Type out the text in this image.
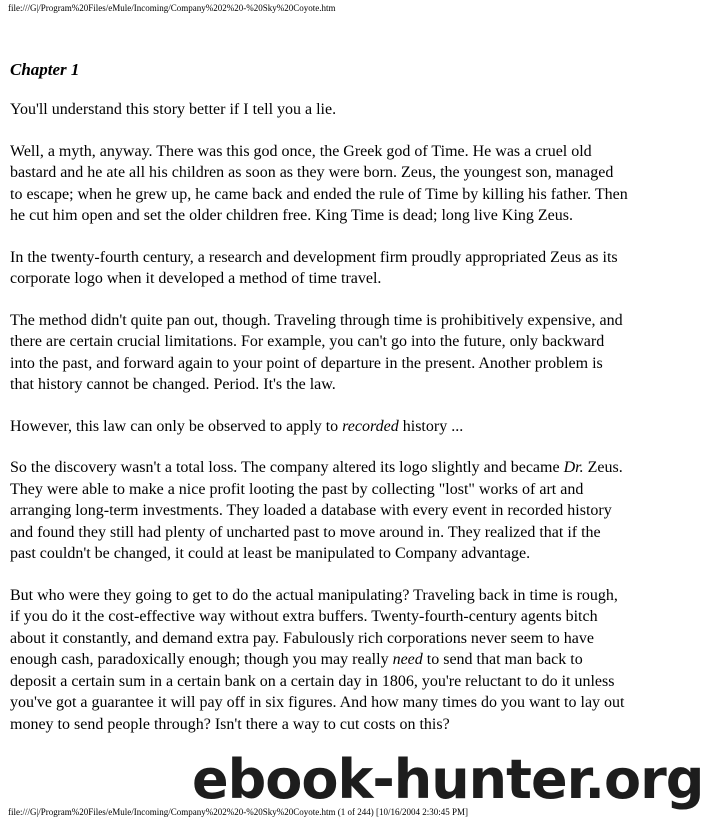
file:///G|/Program%20Files/eMule/Incoming/Company%202%20-%20Sky%20Coyote.htm
Chapter 1

You'll understand this story better if I tell you a lie.

Well, a myth, anyway. There was this god once, the Greek god of Time. He was a cruel old bastard and he ate all his children as soon as they were born. Zeus, the youngest son, managed to escape; when he grew up, he came back and ended the rule of Time by killing his father. Then he cut him open and set the older children free. King Time is dead; long live King Zeus.

In the twenty-fourth century, a research and development firm proudly appropriated Zeus as its corporate logo when it developed a method of time travel.

The method didn't quite pan out, though. Traveling through time is prohibitively expensive, and there are certain crucial limitations. For example, you can't go into the future, only backward into the past, and forward again to your point of departure in the present. Another problem is that history cannot be changed. Period. It's the law.

However, this law can only be observed to apply to recorded history ...

So the discovery wasn't a total loss. The company altered its logo slightly and became Dr. Zeus. They were able to make a nice profit looting the past by collecting "lost" works of art and arranging long-term investments. They loaded a database with every event in recorded history and found they still had plenty of uncharted past to move around in. They realized that if the past couldn't be changed, it could at least be manipulated to Company advantage.

But who were they going to get to do the actual manipulating? Traveling back in time is rough, if you do it the cost-effective way without extra buffers. Twenty-fourth-century agents bitch about it constantly, and demand extra pay. Fabulously rich corporations never seem to have enough cash, paradoxically enough; though you may really need to send that man back to deposit a certain sum in a certain bank on a certain day in 1806, you're reluctant to do it unless you've got a guarantee it will pay off in six figures. And how many times do you want to lay out money to send people through? Isn't there a way to cut costs on this?

file:///G|/Program%20Files/eMule/Incoming/Company%202%20-%20Sky%20Coyote.htm (1 of 244) [10/16/2004 2:30:45 PM]
ebook-hunter.org
